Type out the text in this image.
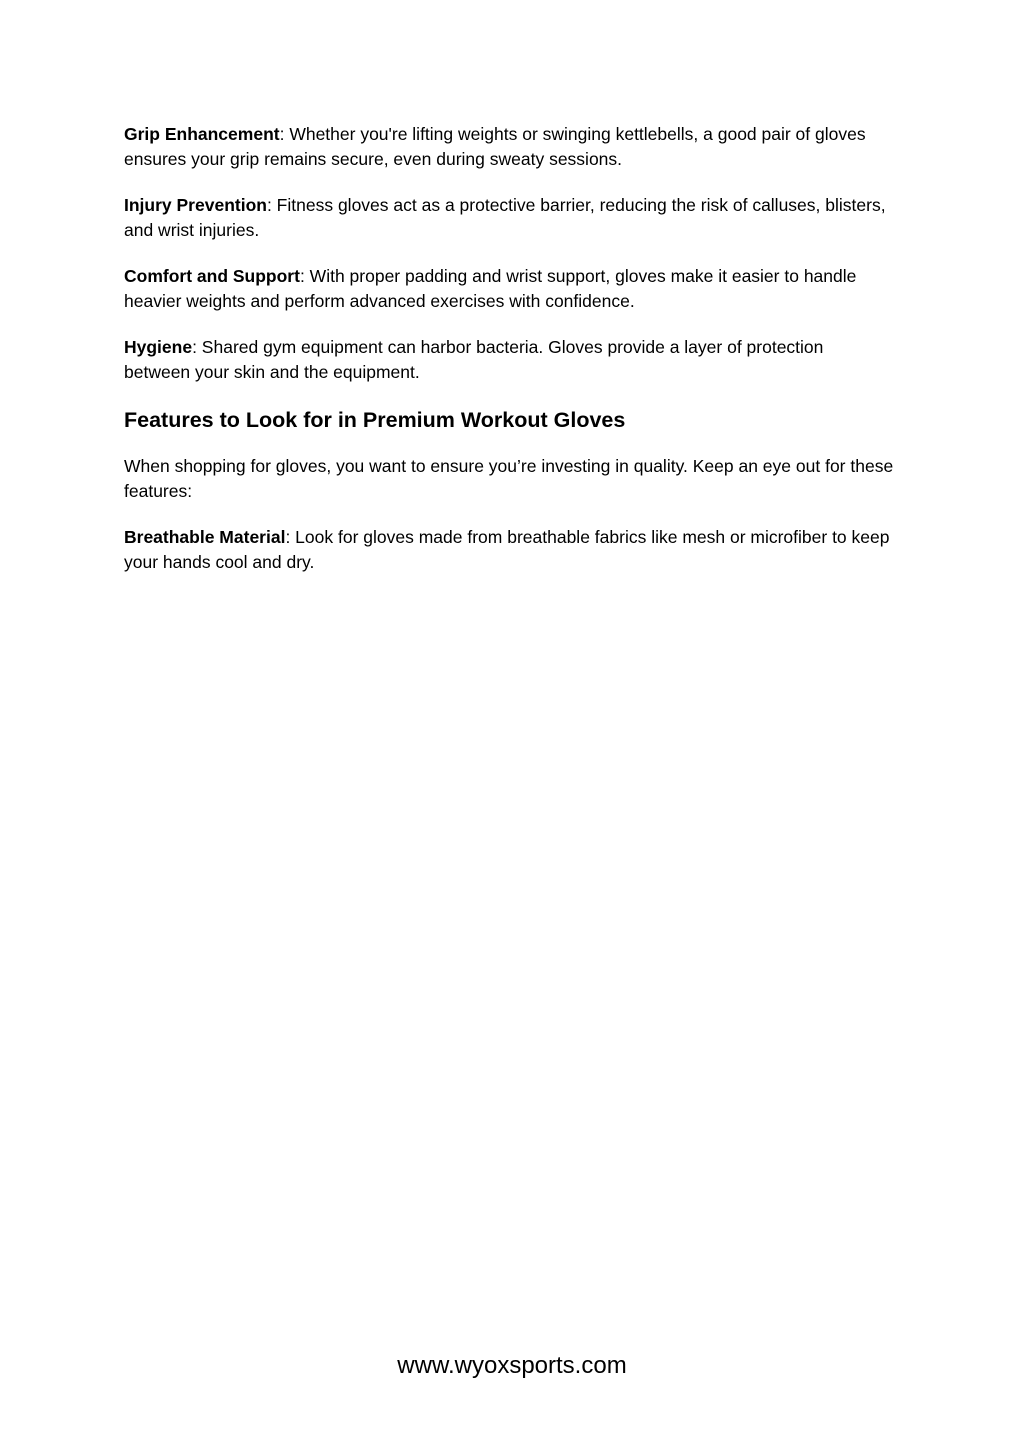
Grip Enhancement: Whether you're lifting weights or swinging kettlebells, a good pair of gloves ensures your grip remains secure, even during sweaty sessions.

Injury Prevention: Fitness gloves act as a protective barrier, reducing the risk of calluses, blisters, and wrist injuries.

Comfort and Support: With proper padding and wrist support, gloves make it easier to handle heavier weights and perform advanced exercises with confidence.

Hygiene: Shared gym equipment can harbor bacteria. Gloves provide a layer of protection between your skin and the equipment.

Features to Look for in Premium Workout Gloves

When shopping for gloves, you want to ensure you’re investing in quality. Keep an eye out for these features:

Breathable Material: Look for gloves made from breathable fabrics like mesh or microfiber to keep your hands cool and dry.

www.wyoxsports.com
